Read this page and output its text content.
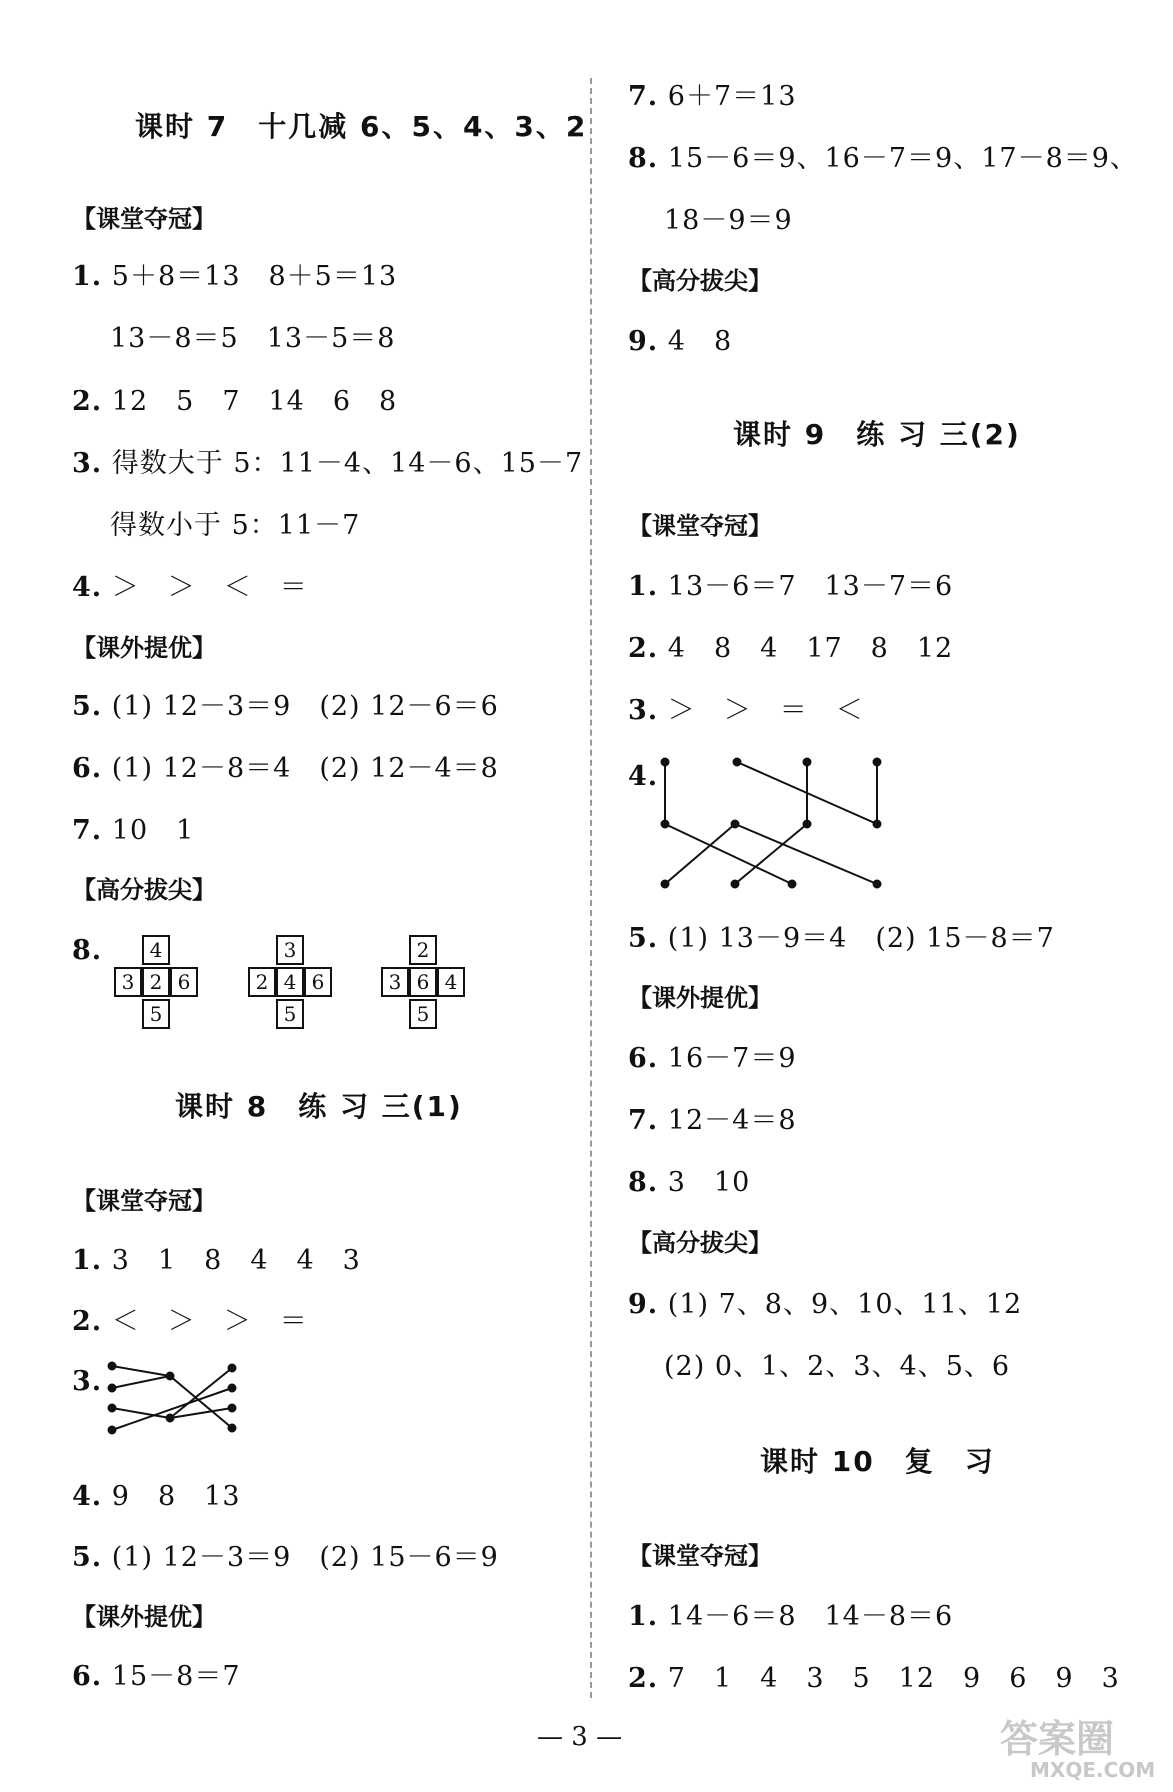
课时 7　十几减 6、5、4、3、2
【课堂夺冠】
1. 5＋8＝13　8＋5＝13
13－8＝5　13－5＝8
2. 12　5　7　14　6　8
3. 得数大于 5：11－4、14－6、15－7
得数小于 5：11－7
4. ＞　＞　＜　＝
【课外提优】
5. (1) 12－3＝9　(2) 12－6＝6
6. (1) 12－8＝4　(2) 12－4＝8
7. 10　1
【高分拔尖】
8.	4
3 2 6
5
3
2 4 6
5
2
3 6 4
5
课时 8　练 习 三(1)
【课堂夺冠】
1. 3　1　8　4　4　3
2. ＜　＞　＞　＝
3.
4. 9　8　13
5. (1) 12－3＝9　(2) 15－6＝9
【课外提优】
6. 15－8＝7
7. 6＋7＝13
8. 15－6＝9、16－7＝9、17－8＝9、
18－9＝9
【高分拔尖】
9. 4　8
课时 9　练 习 三(2)
【课堂夺冠】
1. 13－6＝7　13－7＝6
2. 4　8　4　17　8　12
3. ＞　＞　＝　＜
4.
5. (1) 13－9＝4　(2) 15－8＝7
【课外提优】
6. 16－7＝9
7. 12－4＝8
8. 3　10
【高分拔尖】
9. (1) 7、8、9、10、11、12
(2) 0、1、2、3、4、5、6
课时 10　复　习
【课堂夺冠】
1. 14－6＝8　14－8＝6
2. 7　1　4　3　5　12　9　6　9　3
— 3 —	答案圈
MXQE.COM
